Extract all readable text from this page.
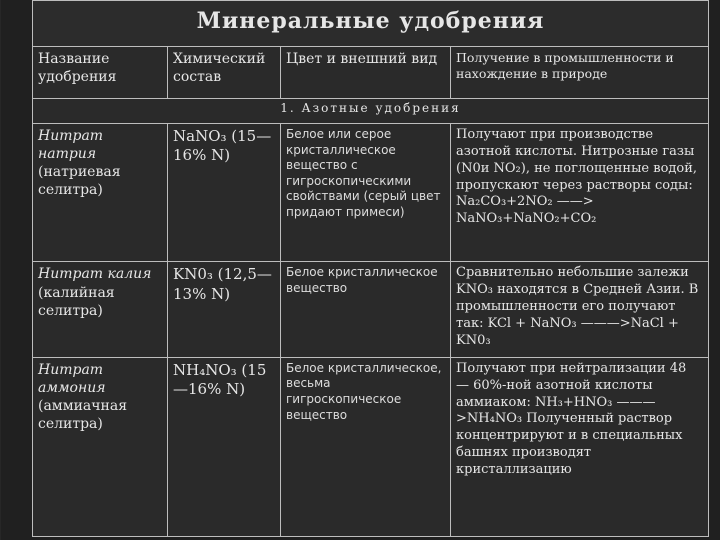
Минеральные удобрения			
Название удобрения	Химический состав	Цвет и внешний вид	Получение в промышленности и нахождение в природе
1. Азотные удобрения			
Нитрат натрия
(натриевая селитра)	NaNO₃ (15—16% N)	Белое или серое кристаллическое вещество с гигроскопическими свойствами (серый цвет придают примеси)	Получают при производстве азотной кислоты. Нитрозные газы (N0и NO₂), не поглощенные водой, пропускают через растворы соды: Na₂CO₃+2NO₂ ——> NaNO₃+NaNO₂+CO₂
Нитрат калия
(калийная селитра)	KN0₃ (12,5—13% N)	Белое кристаллическое вещество	Сравнительно небольшие залежи KNO₃ находятся в Средней Азии. В промышленности его получают так: KCl + NaNO₃ ———>NaCl + KN0₃
Нитрат аммония
(аммиачная селитра)	NH₄NO₃ (15—16% N)	Белое кристаллическое, весьма гигроскопическое вещество	Получают при нейтрализации 48 — 60%-ной азотной кислоты аммиаком: NH₃+HNO₃ ———>NH₄NO₃ Полученный раствор концентрируют и в специальных башнях производят кристаллизацию
